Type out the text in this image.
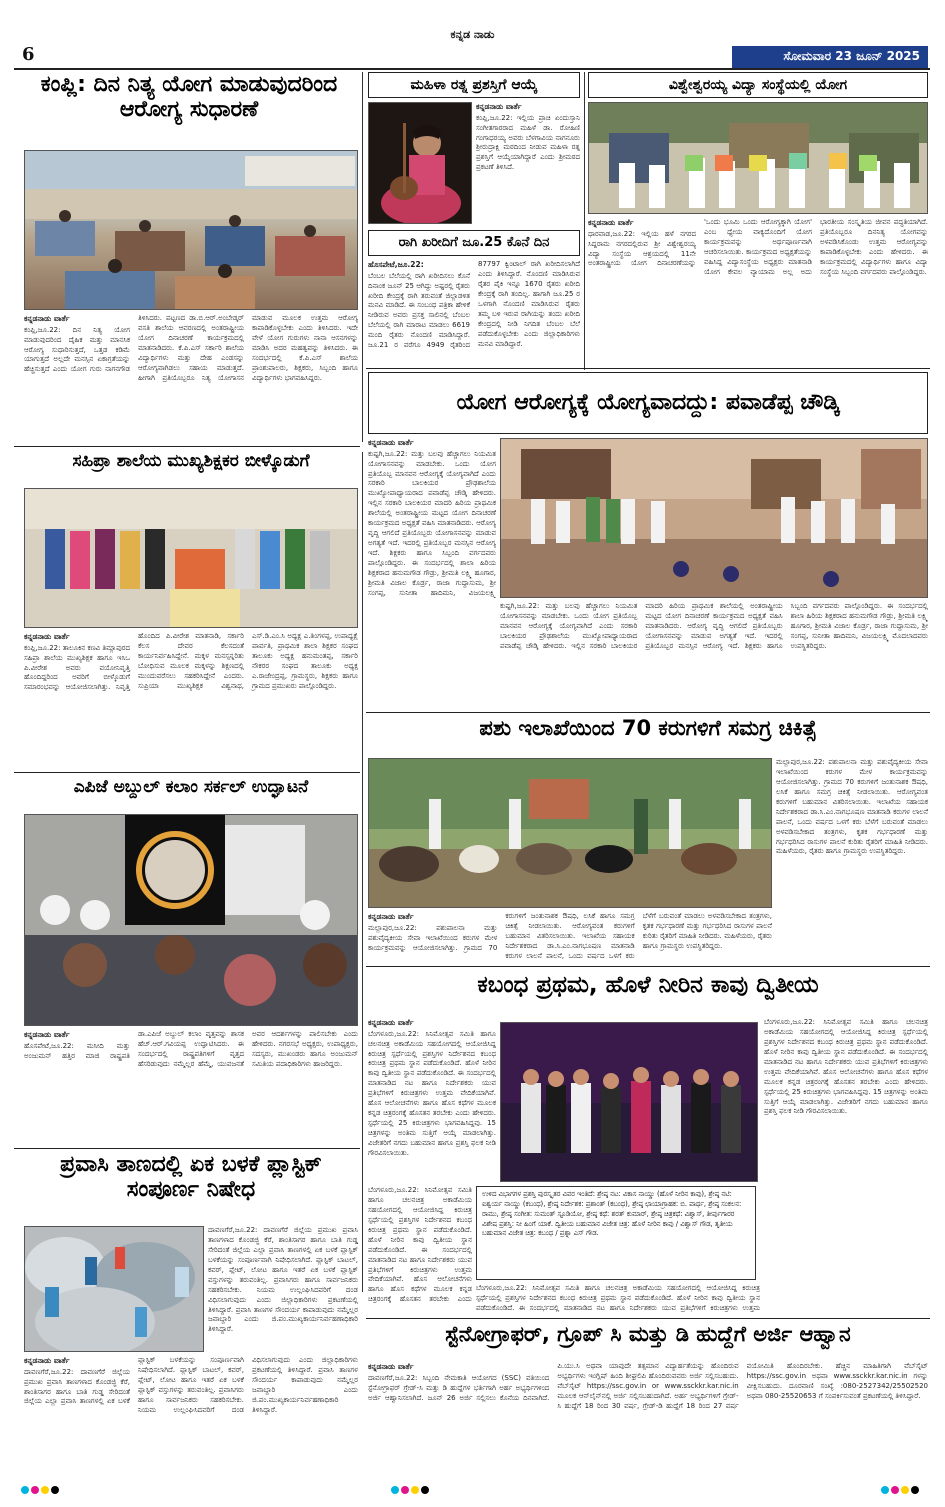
6
ಕನ್ನಡ ನಾಡು
ಸೋಮವಾರ 23 ಜೂನ್ 2025
ಕಂಪ್ಲಿ: ದಿನ ನಿತ್ಯ ಯೋಗ ಮಾಡುವುದರಿಂದ ಆರೋಗ್ಯ ಸುಧಾರಣೆ
ಕನ್ನಡನಾಡು ವಾರ್ತೆ
ಕಂಪ್ಲಿ,ಜೂ.22: ದಿನ ನಿತ್ಯ ಯೋಗ ಮಾಡುವುದರಿಂದ ದೈಹಿಕ ಮತ್ತು ಮಾನಸಿಕ ಆರೋಗ್ಯ ಸುಧಾರಿಸುತ್ತದೆ, ಒತ್ತಡ ಕಡಿಮೆ ಯಾಗುತ್ತದೆ ಅಲ್ಲದೇ ಮನಸ್ಸಿನ ಏಕಾಗ್ರತೆಯನ್ನು ಹೆಚ್ಚಿಸುತ್ತದೆ ಎಂದು ಯೋಗ ಗುರು ನಾಗನಗೌಡ ತಿಳಿಸಿದರು. ಪಟ್ಟಣದ ಡಾ.ಬಿ.ಆರ್.ಅಂಬೇಡ್ಕರ್ ವಸತಿ ಶಾಲೆಯ ಆವರಣದಲ್ಲಿ ಅಂತರಾಷ್ಟ್ರೀಯ ಯೋಗ ದಿನಾಚರಣೆ ಕಾರ್ಯಕ್ರಮದಲ್ಲಿ ಮಾತನಾಡಿದರು. ಕೆ.ಪಿ.ಎಸ್ ಸರ್ಕಾರಿ ಶಾಲೆಯ ವಿದ್ಯಾರ್ಥಿಗಳು ಮತ್ತು ದೇಹ ಎಂಡಸನ್ನು ಆರೋಗ್ಯವಾಗಿಡಲು ಸಹಾಯ ಮಾಡುತ್ತದೆ. ಹೀಗಾಗಿ ಪ್ರತಿಯೊಬ್ಬರೂ ನಿತ್ಯ ಯೋಗಾಸನ ಮಾಡುವ ಮೂಲಕ ಉತ್ತಮ ಆರೋಗ್ಯ ಕಾಪಾಡಿಕೊಳ್ಳಬೇಕು ಎಂದು ತಿಳಿಸಿದರು. ಇದೇ ವೇಳೆ ಯೋಗ ಗುರುಗಳು ನಾನಾ ಆಸನಗಳನ್ನು ಮಾಡಿಸಿ ಅದರ ಮಹತ್ವವನ್ನು ತಿಳಿಸಿದರು. ಈ ಸಂದರ್ಭದಲ್ಲಿ ಕೆ.ಪಿ.ಎಸ್ ಶಾಲೆಯ ಪ್ರಾಂಶುಪಾಲರು, ಶಿಕ್ಷಕರು, ಸಿಬ್ಬಂದಿ ಹಾಗೂ ವಿದ್ಯಾರ್ಥಿಗಳು ಭಾಗವಹಿಸಿದ್ದರು.
ಮಹಿಳಾ ರತ್ನ ಪ್ರಶಸ್ತಿಗೆ ಆಯ್ಕೆ
ಕನ್ನಡನಾಡು ವಾರ್ತೆ
ಕಂಪ್ಲಿ,ಜೂ.22: ಇಲ್ಲಿಯ ಪ್ರಾಚಿ ಏಂದುಸ್ತಾನಿ ಸಂಗೀತಗಾರರಾದ ಮಹಿಳೆ ಡಾ. ರೋಹಿಣಿ ಗಂಗಾಧರಯ್ಯ ಅವರು ಬೆಳಗಾವಿಯ ನಾಗನೂರು ಶ್ರೀರುದ್ರಾಕ್ಷಿ ಮಠದಿಂದ ನೀಡುವ ಮಹಿಳಾ ರತ್ನ ಪ್ರಶಸ್ತಿಗೆ ಆಯ್ಕೆಯಾಗಿದ್ದಾರೆ ಎಂದು ಶ್ರೀಮಠದ ಪ್ರಕಟಣೆ ತಿಳಿಸಿದೆ.
ರಾಗಿ ಖರೀದಿಗೆ ಜೂ.25 ಕೊನೆ ದಿನ
ಹೊಸಪೇಟೆ,ಜೂ.22:
ಬೆಂಬಲ ಬೆಲೆಯಲ್ಲಿ ರಾಗಿ ಖರೀದಿಸಲು ಕೊನೆ ದಿನಾಂಕ ಜೂನ್ 25 ಆಗಿದ್ದು ಅಷ್ಟರಲ್ಲಿ ರೈತರು ಖರೀದಿ ಕೇಂದ್ರಕ್ಕೆ ರಾಗಿ ತರುವಂತೆ ಜಿಲ್ಲಾಡಳಿತ ಮನವಿ ಮಾಡಿದೆ. ಈ ಸಂಬಂಧ ಪತ್ರಿಕಾ ಹೇಳಿಕೆ ನೀಡಿರುವ ಅವರು ಪ್ರಸಕ್ತ ಸಾಲಿನಲ್ಲಿ ಬೆಂಬಲ ಬೆಲೆಯಲ್ಲಿ ರಾಗಿ ಮಾರಾಟ ಮಾಡಲು 6619 ಮಂದಿ ರೈತರು ನೊಂದಣಿ ಮಾಡಿಸಿದ್ದಾರೆ. ಜೂ.21 ರ ವರೆಗೂ 4949 ರೈತರಿಂದ 87797 ಕ್ವಿಂಟಾಲ್ ರಾಗಿ ಖರೀದಿಸಲಾಗಿದೆ ಎಂದು ತಿಳಿಸಿದ್ದಾರೆ. ನೊಂದಣಿ ಮಾಡಿಸಿರುವ ರೈತರ ಪೈಕಿ ಇನ್ನೂ 1670 ರೈತರು ಖರೀದಿ ಕೇಂದ್ರಕ್ಕೆ ರಾಗಿ ತಂದಿಲ್ಲ. ಹಾಗಾಗಿ ಜೂ.25 ರ ಒಳಗಾಗಿ ನೊಂದಣಿ ಮಾಡಿಸಿರುವ ರೈತರು ತಮ್ಮ ಬಳಿ ಇರುವ ರಾಗಿಯನ್ನು ತಂದು ಖರೀದಿ ಕೇಂದ್ರದಲ್ಲಿ ನೀಡಿ ನಿಗದಿತ ಬೆಂಬಲ ಬೆಲೆ ಪಡೆದುಕೊಳ್ಳಬೇಕು ಎಂದು ಜಿಲ್ಲಾಧಿಕಾರಿಗಳು ಮನವಿ ಮಾಡಿದ್ದಾರೆ.
ವಿಶ್ವೇಶ್ವರಯ್ಯ ವಿದ್ಯಾ ಸಂಸ್ಥೆಯಲ್ಲಿ ಯೋಗ
ಕನ್ನಡನಾಡು ವಾರ್ತೆ
ಧಾರವಾಡ,ಜೂ.22: ಇಲ್ಲಿಯ ಹಳೆ ನಗರದ ಸಿದ್ದರಾಮ ನಗರದಲ್ಲಿರುವ ಶ್ರೀ ವಿಶ್ವೇಶ್ವರಯ್ಯ ವಿದ್ಯಾ ಸಂಸ್ಥೆಯ ಆಶ್ರಯದಲ್ಲಿ 11ನೇ ಅಂತರಾಷ್ಟ್ರೀಯ ಯೋಗ ದಿನಾಚರಣೆಯನ್ನು 'ಒಂದು ಭೂಮಿ ಒಂದು ಆರೋಗ್ಯಕ್ಕಾಗಿ ಯೋಗ' ಎಂಬ ಧ್ಯೇಯ ವಾಕ್ಯದೊಂದಿಗೆ ಯೋಗ ಕಾರ್ಯಕ್ರಮವನ್ನು ಅರ್ಥಪೂರ್ಣವಾಗಿ ಆಚರಿಸಲಾಯಿತು. ಕಾರ್ಯಕ್ರಮದ ಅಧ್ಯಕ್ಷತೆಯನ್ನು ವಹಿಸಿದ್ದ ವಿದ್ಯಾಸಂಸ್ಥೆಯ ಅಧ್ಯಕ್ಷರು ಮಾತನಾಡಿ ಯೋಗ ಕೇವಲ ವ್ಯಾಯಾಮ ಅಲ್ಲ ಅದು ಭಾರತೀಯ ಸಂಸ್ಕೃತಿಯ ಜೀವನ ಪದ್ಧತಿಯಾಗಿದೆ. ಪ್ರತಿಯೊಬ್ಬರೂ ದಿನನಿತ್ಯ ಯೋಗವನ್ನು ಅಳವಡಿಸಿಕೊಂಡು ಉತ್ತಮ ಆರೋಗ್ಯವನ್ನು ಕಾಪಾಡಿಕೊಳ್ಳಬೇಕು ಎಂದು ಹೇಳಿದರು. ಈ ಕಾರ್ಯಕ್ರಮದಲ್ಲಿ ವಿದ್ಯಾರ್ಥಿಗಳು ಹಾಗೂ ವಿದ್ಯಾ ಸಂಸ್ಥೆಯ ಸಿಬ್ಬಂದಿ ವರ್ಗದವರು ಪಾಲ್ಗೊಂಡಿದ್ದರು.
ಯೋಗ ಆರೋಗ್ಯಕ್ಕೆ ಯೋಗ್ಯವಾದದ್ದು: ಪವಾಡೆಪ್ಪ ಚೌಡ್ಕಿ
ಕನ್ನಡನಾಡು ವಾರ್ತೆ
ಕುಷ್ಟಗಿ,ಜೂ.22: ಮತ್ತು ಬಲವು ಹೆಚ್ಚಾಗಲು ನಿಯಮಿತ ಯೋಗಾಸನವನ್ನು ಮಾಡಬೇಕು. ಒಂದು ಯೋಗ ಪ್ರತಿಯೊಬ್ಬ ಮಾನವನ ಆರೋಗ್ಯಕ್ಕೆ ಯೋಗ್ಯವಾಗಿದೆ ಎಂದು ಸರಕಾರಿ ಬಾಲಕಿಯರ ಪ್ರೌಢಶಾಲೆಯ ಮುಖ್ಯೋಪಾಧ್ಯಾಯರಾದ ಪವಾಡೆಪ್ಪ ಚೌಡ್ಕಿ ಹೇಳಿದರು. ಇಲ್ಲಿನ ಸರಕಾರಿ ಬಾಲಕಿಯರ ಮಾದರಿ ಹಿರಿಯ ಪ್ರಾಥಮಿಕ ಶಾಲೆಯಲ್ಲಿ ಅಂತರಾಷ್ಟ್ರೀಯ ಮಟ್ಟದ ಯೋಗ ದಿನಾಚರಣೆ ಕಾರ್ಯಕ್ರಮದ ಅಧ್ಯಕ್ಷತೆ ವಹಿಸಿ ಮಾತನಾಡಿದರು. ಆರೋಗ್ಯ ವೃದ್ಧಿ ಆಗಲಿದೆ ಪ್ರತಿಯೊಬ್ಬರು ಯೋಗಾಸನವನ್ನು ಮಾಡುವ ಅಗತ್ಯತೆ ಇದೆ. ಇದರಲ್ಲಿ ಪ್ರತಿಯೊಬ್ಬರ ಮನಸ್ಸಿನ ಆರೋಗ್ಯ ಇದೆ. ಶಿಕ್ಷಕರು ಹಾಗೂ ಸಿಬ್ಬಂದಿ ವರ್ಗದವರು ಪಾಲ್ಗೊಂಡಿದ್ದರು. ಈ ಸಂದರ್ಭದಲ್ಲಿ ಶಾಲಾ ಹಿರಿಯ ಶಿಕ್ಷಕರಾದ ಹನುಮಗೌಡ ಗೌಡ್ರು, ಶ್ರೀಮತಿ ಲಕ್ಷ್ಮಿ ಹೂಗಾರ, ಶ್ರೀಮತಿ ವಿಜಾಲ ಕೊರ್ಡ್ರ, ರಾಜಾ ಗುದ್ದಾಸುಮ, ಶ್ರೀ ಸಂಗಪ್ಪ, ಸುನೀತಾ ಹಾದಿಮನಿ, ವಿಜಯಲಕ್ಷ್ಮಿ
ಕುಷ್ಟಗಿ,ಜೂ.22: ಮತ್ತು ಬಲವು ಹೆಚ್ಚಾಗಲು ನಿಯಮಿತ ಯೋಗಾಸನವನ್ನು ಮಾಡಬೇಕು. ಒಂದು ಯೋಗ ಪ್ರತಿಯೊಬ್ಬ ಮಾನವನ ಆರೋಗ್ಯಕ್ಕೆ ಯೋಗ್ಯವಾಗಿದೆ ಎಂದು ಸರಕಾರಿ ಬಾಲಕಿಯರ ಪ್ರೌಢಶಾಲೆಯ ಮುಖ್ಯೋಪಾಧ್ಯಾಯರಾದ ಪವಾಡೆಪ್ಪ ಚೌಡ್ಕಿ ಹೇಳಿದರು. ಇಲ್ಲಿನ ಸರಕಾರಿ ಬಾಲಕಿಯರ ಮಾದರಿ ಹಿರಿಯ ಪ್ರಾಥಮಿಕ ಶಾಲೆಯಲ್ಲಿ ಅಂತರಾಷ್ಟ್ರೀಯ ಮಟ್ಟದ ಯೋಗ ದಿನಾಚರಣೆ ಕಾರ್ಯಕ್ರಮದ ಅಧ್ಯಕ್ಷತೆ ವಹಿಸಿ ಮಾತನಾಡಿದರು. ಆರೋಗ್ಯ ವೃದ್ಧಿ ಆಗಲಿದೆ ಪ್ರತಿಯೊಬ್ಬರು ಯೋಗಾಸನವನ್ನು ಮಾಡುವ ಅಗತ್ಯತೆ ಇದೆ. ಇದರಲ್ಲಿ ಪ್ರತಿಯೊಬ್ಬರ ಮನಸ್ಸಿನ ಆರೋಗ್ಯ ಇದೆ. ಶಿಕ್ಷಕರು ಹಾಗೂ ಸಿಬ್ಬಂದಿ ವರ್ಗದವರು ಪಾಲ್ಗೊಂಡಿದ್ದರು. ಈ ಸಂದರ್ಭದಲ್ಲಿ ಶಾಲಾ ಹಿರಿಯ ಶಿಕ್ಷಕರಾದ ಹನುಮಗೌಡ ಗೌಡ್ರು, ಶ್ರೀಮತಿ ಲಕ್ಷ್ಮಿ ಹೂಗಾರ, ಶ್ರೀಮತಿ ವಿಜಾಲ ಕೊರ್ಡ್ರ, ರಾಜಾ ಗುದ್ದಾಸುಮ, ಶ್ರೀ ಸಂಗಪ್ಪ, ಸುನೀತಾ ಹಾದಿಮನಿ, ವಿಜಯಲಕ್ಷ್ಮಿ ಮೊದಲಾದವರು ಉಪಸ್ಥಿತರಿದ್ದರು.
ಸಹಿಪ್ರಾ ಶಾಲೆಯ ಮುಖ್ಯಶಿಕ್ಷಕರ ಬೀಳ್ಕೊಡುಗೆ
ಕನ್ನಡನಾಡು ವಾರ್ತೆ
ಕಂಪ್ಲಿ,ಜೂ.22: ತಾಲೂಕಿನ ಕಣವಿ ತಿಮ್ಲಾಪುರದ ಸಹಿಪ್ರಾ ಶಾಲೆಯ ಮುಖ್ಯಶಿಕ್ಷಕ ಹಾಗೂ ಇಸಿಒ ಪಿ.ವೀರೇಶ ಅವರು ವಯೋನಿವೃತ್ತಿ ಹೊಂದಿದ್ದರಿಂದ ಅವರಿಗೆ ಬೀಳ್ಕೊಡುಗೆ ಸಮಾರಂಭವನ್ನು ಆಯೋಜಿಸಲಾಗಿತ್ತು. ನಿವೃತ್ತಿ ಹೊಂದಿದ ಪಿ.ವೀರೇಶ ಮಾತನಾಡಿ, ಸರ್ಕಾರಿ ಕೆಲಸ ದೇವರ ಕೆಲಸದಂತೆ ಕಾರ್ಯನಿರ್ವಹಿಸಿದ್ದೇನೆ. ಮಕ್ಕಳ ಮನಸ್ಸನ್ನರಿತು ಬೋಧಿಸುವ ಮೂಲಕ ಮಕ್ಕಳನ್ನು ಶಿಕ್ಷಣದಲ್ಲಿ ಮುಂದುವರೆಸಲು ಸಹಕರಿಸಿದ್ದೇನೆ ಎಂದರು. ಸುಪ್ರಿಯಾ ಮುಖ್ಯಶಿಕ್ಷಕ ವಿಶ್ವನಾಥ, ಎಸ್.ಡಿ.ಎಂ.ಸಿ ಅಧ್ಯಕ್ಷ ಎ.ತಿಂಗಳಪ್ಪ, ಉಪಾಧ್ಯಕ್ಷೆ ಪಾರ್ವತಿ, ಪ್ರಾಥಮಿಕ ಶಾಲಾ ಶಿಕ್ಷಕರ ಸಂಘದ ತಾಲೂಕು ಅಧ್ಯಕ್ಷ ಹನುಮಂತಪ್ಪ, ಸರ್ಕಾರಿ ನೌಕರರ ಸಂಘದ ತಾಲೂಕು ಅಧ್ಯಕ್ಷ ಎ.ರಾಜೇಂದ್ರಪ್ಪ, ಗ್ರಾಮಸ್ಥರು, ಶಿಕ್ಷಕರು ಹಾಗೂ ಗ್ರಾಮದ ಪ್ರಮುಖರು ಪಾಲ್ಗೊಂಡಿದ್ದರು.
ಎಪಿಜೆ ಅಬ್ದುಲ್ ಕಲಾಂ ಸರ್ಕಲ್ ಉದ್ಘಾಟನೆ
ಕನ್ನಡನಾಡು ವಾರ್ತೆ
ಹೊಸಪೇಟೆ,ಜೂ.22: ಮಸೀದಿ ಮತ್ತು ಅಂಜುಮನ್ ಹತ್ತಿರ ಮಾಜಿ ರಾಷ್ಟ್ರಪತಿ ಡಾ.ಎಪಿಜೆ ಅಬ್ದುಲ್ ಕಲಾಂ ವೃತ್ತವನ್ನು ಶಾಸಕ ಹೆಚ್.ಆರ್.ಗವಿಯಪ್ಪ ಉದ್ಘಾಟಿಸಿದರು. ಈ ಸಂದರ್ಭದಲ್ಲಿ ರಾಷ್ಟ್ರಪತಿಗಳಿಗೆ ವೃತ್ತದ ಹೆಸರಿಡುವುದು ನಮ್ಮೆಲ್ಲರ ಹೆಮ್ಮೆ, ಯುವಜನತೆ ಅವರ ಆದರ್ಶಗಳನ್ನು ಪಾಲಿಸಬೇಕು ಎಂದು ಹೇಳಿದರು. ನಗರಸಭೆ ಅಧ್ಯಕ್ಷರು, ಉಪಾಧ್ಯಕ್ಷರು, ಸದಸ್ಯರು, ಮುಖಂಡರು ಹಾಗೂ ಅಂಜುಮನ್ ಸಮಿತಿಯ ಪದಾಧಿಕಾರಿಗಳು ಹಾಜರಿದ್ದರು.
ಪಶು ಇಲಾಖೆಯಿಂದ 70 ಕರುಗಳಿಗೆ ಸಮಗ್ರ ಚಿಕಿತ್ಸೆ
ಮಲ್ಲಾಪುರ,ಜೂ.22: ಪಶುಪಾಲನಾ ಮತ್ತು ಪಶುವೈದ್ಯಕೀಯ ಸೇವಾ ಇಲಾಖೆಯಿಂದ ಕರುಗಳ ಮೇಳ ಕಾರ್ಯಕ್ರಮವನ್ನು ಆಯೋಜಿಸಲಾಗಿತ್ತು. ಗ್ರಾಮದ 70 ಕರುಗಳಿಗೆ ಜಂತುನಾಶಕ ಔಷಧಿ, ಲಸಿಕೆ ಹಾಗೂ ಸಮಗ್ರ ಚಿಕಿತ್ಸೆ ನೀಡಲಾಯಿತು. ಆರೋಗ್ಯವಂತ ಕರುಗಳಿಗೆ ಬಹುಮಾನ ವಿತರಿಸಲಾಯಿತು. ಇಲಾಖೆಯ ಸಹಾಯಕ ನಿರ್ದೇಶಕರಾದ ಡಾ.ಸಿ.ಎಂ.ನಾಗಭೂಷಣ ಮಾತನಾಡಿ ಕರುಗಳ ಲಾಲನೆ ಪಾಲನೆ, ಒಂದು ವರ್ಷದ ಒಳಗೆ ಕರು ಬೆಳೆಗೆ ಬರುವಂತೆ ಮಾಡಲು ಅಳವಡಿಸಬೇಕಾದ ತಂತ್ರಗಳು, ಕೃತಕ ಗರ್ಭಧಾರಣೆ ಮತ್ತು ಗರ್ಭಧರಿಸಿದ ರಾಸುಗಳ ಪಾಲನೆ ಕುರಿತು ರೈತರಿಗೆ ಮಾಹಿತಿ ನೀಡಿದರು. ಮಹಿಳೆಯರು, ರೈತರು ಹಾಗೂ ಗ್ರಾಮಸ್ಥರು ಉಪಸ್ಥಿತರಿದ್ದರು.
ಕನ್ನಡನಾಡು ವಾರ್ತೆ
ಮಲ್ಲಾಪುರ,ಜೂ.22: ಪಶುಪಾಲನಾ ಮತ್ತು ಪಶುವೈದ್ಯಕೀಯ ಸೇವಾ ಇಲಾಖೆಯಿಂದ ಕರುಗಳ ಮೇಳ ಕಾರ್ಯಕ್ರಮವನ್ನು ಆಯೋಜಿಸಲಾಗಿತ್ತು. ಗ್ರಾಮದ 70 ಕರುಗಳಿಗೆ ಜಂತುನಾಶಕ ಔಷಧಿ, ಲಸಿಕೆ ಹಾಗೂ ಸಮಗ್ರ ಚಿಕಿತ್ಸೆ ನೀಡಲಾಯಿತು. ಆರೋಗ್ಯವಂತ ಕರುಗಳಿಗೆ ಬಹುಮಾನ ವಿತರಿಸಲಾಯಿತು. ಇಲಾಖೆಯ ಸಹಾಯಕ ನಿರ್ದೇಶಕರಾದ ಡಾ.ಸಿ.ಎಂ.ನಾಗಭೂಷಣ ಮಾತನಾಡಿ ಕರುಗಳ ಲಾಲನೆ ಪಾಲನೆ, ಒಂದು ವರ್ಷದ ಒಳಗೆ ಕರು ಬೆಳೆಗೆ ಬರುವಂತೆ ಮಾಡಲು ಅಳವಡಿಸಬೇಕಾದ ತಂತ್ರಗಳು, ಕೃತಕ ಗರ್ಭಧಾರಣೆ ಮತ್ತು ಗರ್ಭಧರಿಸಿದ ರಾಸುಗಳ ಪಾಲನೆ ಕುರಿತು ರೈತರಿಗೆ ಮಾಹಿತಿ ನೀಡಿದರು. ಮಹಿಳೆಯರು, ರೈತರು ಹಾಗೂ ಗ್ರಾಮಸ್ಥರು ಉಪಸ್ಥಿತರಿದ್ದರು.
ಕಬಂಧ ಪ್ರಥಮ, ಹೊಳೆ ನೀರಿನ ಕಾವು ದ್ವಿತೀಯ
ಕನ್ನಡನಾಡು ವಾರ್ತೆ
ಬೆಂಗಳೂರು,ಜೂ.22: ಸಿನಿಮೋತ್ಸವ ಸಮಿತಿ ಹಾಗೂ ಚಲನಚಿತ್ರ ಅಕಾಡೆಮಿಯ ಸಹಯೋಗದಲ್ಲಿ ಆಯೋಜಿಸಿದ್ದ ಕಿರುಚಿತ್ರ ಸ್ಪರ್ಧೆಯಲ್ಲಿ ಪ್ರಶಸ್ತಿಗಳ ನಿರ್ದೇಶನದ ಕಬಂಧ ಕಿರುಚಿತ್ರ ಪ್ರಥಮ ಸ್ಥಾನ ಪಡೆದುಕೊಂಡಿದೆ. ಹೊಳೆ ನೀರಿನ ಕಾವು ದ್ವಿತೀಯ ಸ್ಥಾನ ಪಡೆದುಕೊಂಡಿದೆ. ಈ ಸಂದರ್ಭದಲ್ಲಿ ಮಾತನಾಡಿದ ನಟ ಹಾಗೂ ನಿರ್ದೇಶಕರು ಯುವ ಪ್ರತಿಭೆಗಳಿಗೆ ಕಿರುಚಿತ್ರಗಳು ಉತ್ತಮ ವೇದಿಕೆಯಾಗಿವೆ. ಹೊಸ ಆಲೋಚನೆಗಳು ಹಾಗೂ ಹೊಸ ಕಥೆಗಳ ಮೂಲಕ ಕನ್ನಡ ಚಿತ್ರರಂಗಕ್ಕೆ ಹೊಸತನ ತರಬೇಕು ಎಂದು ಹೇಳಿದರು. ಸ್ಪರ್ಧೆಯಲ್ಲಿ 25 ಕಿರುಚಿತ್ರಗಳು ಭಾಗವಹಿಸಿದ್ದವು. 15 ಚಿತ್ರಗಳನ್ನು ಅಂತಿಮ ಸುತ್ತಿಗೆ ಆಯ್ಕೆ ಮಾಡಲಾಗಿತ್ತು. ವಿಜೇತರಿಗೆ ನಗದು ಬಹುಮಾನ ಹಾಗೂ ಪ್ರಶಸ್ತಿ ಫಲಕ ನೀಡಿ ಗೌರವಿಸಲಾಯಿತು.
ಬೆಂಗಳೂರು,ಜೂ.22: ಸಿನಿಮೋತ್ಸವ ಸಮಿತಿ ಹಾಗೂ ಚಲನಚಿತ್ರ ಅಕಾಡೆಮಿಯ ಸಹಯೋಗದಲ್ಲಿ ಆಯೋಜಿಸಿದ್ದ ಕಿರುಚಿತ್ರ ಸ್ಪರ್ಧೆಯಲ್ಲಿ ಪ್ರಶಸ್ತಿಗಳ ನಿರ್ದೇಶನದ ಕಬಂಧ ಕಿರುಚಿತ್ರ ಪ್ರಥಮ ಸ್ಥಾನ ಪಡೆದುಕೊಂಡಿದೆ. ಹೊಳೆ ನೀರಿನ ಕಾವು ದ್ವಿತೀಯ ಸ್ಥಾನ ಪಡೆದುಕೊಂಡಿದೆ. ಈ ಸಂದರ್ಭದಲ್ಲಿ ಮಾತನಾಡಿದ ನಟ ಹಾಗೂ ನಿರ್ದೇಶಕರು ಯುವ ಪ್ರತಿಭೆಗಳಿಗೆ ಕಿರುಚಿತ್ರಗಳು ಉತ್ತಮ ವೇದಿಕೆಯಾಗಿವೆ. ಹೊಸ ಆಲೋಚನೆಗಳು ಹಾಗೂ ಹೊಸ ಕಥೆಗಳ ಮೂಲಕ ಕನ್ನಡ ಚಿತ್ರರಂಗಕ್ಕೆ ಹೊಸತನ ತರಬೇಕು ಎಂದು ಹೇಳಿದರು. ಸ್ಪರ್ಧೆಯಲ್ಲಿ 25 ಕಿರುಚಿತ್ರಗಳು ಭಾಗವಹಿಸಿದ್ದವು. 15 ಚಿತ್ರಗಳನ್ನು ಅಂತಿಮ ಸುತ್ತಿಗೆ ಆಯ್ಕೆ ಮಾಡಲಾಗಿತ್ತು. ವಿಜೇತರಿಗೆ ನಗದು ಬಹುಮಾನ ಹಾಗೂ ಪ್ರಶಸ್ತಿ ಫಲಕ ನೀಡಿ ಗೌರವಿಸಲಾಯಿತು.
ಉಳಿದ ವಿಭಾಗಗಳ ಪ್ರಶಸ್ತಿ ಪುರಸ್ಕೃತರ ವಿವರ ಇಂತಿದೆ: ಶ್ರೇಷ್ಠ ನಟ: ವಿಕಾಸ ನಾಯ್ಡು (ಹೊಳೆ ನೀರಿನ ಕಾವು), ಶ್ರೇಷ್ಠ ನಟಿ: ಐಶ್ವರ್ಯ ನಾಯ್ಡು (ಕಬಂಧ), ಶ್ರೇಷ್ಠ ನಿರ್ದೇಶಕ: ಪ್ರಶಾಂತ್ (ಕಬಂಧ), ಶ್ರೇಷ್ಠ ಛಾಯಾಗ್ರಾಹಕ: ಬಿ. ಪಾರ್ಥ, ಶ್ರೇಷ್ಠ ಸಂಕಲನ: ರಾಮು, ಶ್ರೇಷ್ಠ ಸಂಗೀತ: ಸುಮಂತ್ ಸ್ಟೂಡಿಯೋ, ಶ್ರೇಷ್ಠ ಕಥೆ: ಶರತ್ ಕುಮಾರ್, ಶ್ರೇಷ್ಠ ಚಿತ್ರಕಥೆ: ವಿಶ್ವಾಸ್, ತೀರ್ಪುಗಾರರ ವಿಶೇಷ ಪ್ರಶಸ್ತಿ: ನೀ ಹಿಂಗೆ ಯಾಕೆ. ದ್ವಿತೀಯ ಬಹುಮಾನ ವಿಜೇತ ಚಿತ್ರ: ಹೊಳೆ ನೀರಿನ ಕಾವು / ವಿಶ್ವಾಸ್ ಗೌಡ, ತೃತೀಯ ಬಹುಮಾನ ವಿಜೇತ ಚಿತ್ರ: ಕಬಂಧ / ಪ್ರಶ್ನಾ ಎಸ್ ಗೌಡ.
ಬೆಂಗಳೂರು,ಜೂ.22: ಸಿನಿಮೋತ್ಸವ ಸಮಿತಿ ಹಾಗೂ ಚಲನಚಿತ್ರ ಅಕಾಡೆಮಿಯ ಸಹಯೋಗದಲ್ಲಿ ಆಯೋಜಿಸಿದ್ದ ಕಿರುಚಿತ್ರ ಸ್ಪರ್ಧೆಯಲ್ಲಿ ಪ್ರಶಸ್ತಿಗಳ ನಿರ್ದೇಶನದ ಕಬಂಧ ಕಿರುಚಿತ್ರ ಪ್ರಥಮ ಸ್ಥಾನ ಪಡೆದುಕೊಂಡಿದೆ. ಹೊಳೆ ನೀರಿನ ಕಾವು ದ್ವಿತೀಯ ಸ್ಥಾನ ಪಡೆದುಕೊಂಡಿದೆ. ಈ ಸಂದರ್ಭದಲ್ಲಿ ಮಾತನಾಡಿದ ನಟ ಹಾಗೂ ನಿರ್ದೇಶಕರು ಯುವ ಪ್ರತಿಭೆಗಳಿಗೆ ಕಿರುಚಿತ್ರಗಳು ಉತ್ತಮ ವೇದಿಕೆಯಾಗಿವೆ. ಹೊಸ ಆಲೋಚನೆಗಳು ಹಾಗೂ ಹೊಸ ಕಥೆಗಳ ಮೂಲಕ ಕನ್ನಡ ಚಿತ್ರರಂಗಕ್ಕೆ ಹೊಸತನ ತರಬೇಕು ಎಂದು
ಬೆಂಗಳೂರು,ಜೂ.22: ಸಿನಿಮೋತ್ಸವ ಸಮಿತಿ ಹಾಗೂ ಚಲನಚಿತ್ರ ಅಕಾಡೆಮಿಯ ಸಹಯೋಗದಲ್ಲಿ ಆಯೋಜಿಸಿದ್ದ ಕಿರುಚಿತ್ರ ಸ್ಪರ್ಧೆಯಲ್ಲಿ ಪ್ರಶಸ್ತಿಗಳ ನಿರ್ದೇಶನದ ಕಬಂಧ ಕಿರುಚಿತ್ರ ಪ್ರಥಮ ಸ್ಥಾನ ಪಡೆದುಕೊಂಡಿದೆ. ಹೊಳೆ ನೀರಿನ ಕಾವು ದ್ವಿತೀಯ ಸ್ಥಾನ ಪಡೆದುಕೊಂಡಿದೆ. ಈ ಸಂದರ್ಭದಲ್ಲಿ ಮಾತನಾಡಿದ ನಟ ಹಾಗೂ ನಿರ್ದೇಶಕರು ಯುವ ಪ್ರತಿಭೆಗಳಿಗೆ ಕಿರುಚಿತ್ರಗಳು ಉತ್ತಮ
ಪ್ರವಾಸಿ ತಾಣದಲ್ಲಿ ಏಕ ಬಳಕೆ ಪ್ಲಾಸ್ಟಿಕ್ ಸಂಪೂರ್ಣ ನಿಷೇಧ
ದಾವಣಗೆರೆ,ಜೂ.22: ದಾವಣಗೆರೆ ಜಿಲ್ಲೆಯ ಪ್ರಮುಖ ಪ್ರವಾಸಿ ತಾಣಗಳಾದ ಕೊಂಡಜ್ಜಿ ಕೆರೆ, ಶಾಂತಿಸಾಗರ ಹಾಗೂ ಬಾತಿ ಗುಡ್ಡ ಸೇರಿದಂತೆ ಜಿಲ್ಲೆಯ ಎಲ್ಲಾ ಪ್ರವಾಸಿ ತಾಣಗಳಲ್ಲಿ ಏಕ ಬಳಕೆ ಪ್ಲಾಸ್ಟಿಕ್ ಬಳಕೆಯನ್ನು ಸಂಪೂರ್ಣವಾಗಿ ನಿಷೇಧಿಸಲಾಗಿದೆ. ಪ್ಲಾಸ್ಟಿಕ್ ಬಾಟಲ್, ಕವರ್, ಪ್ಲೇಟ್, ಲೋಟ ಹಾಗೂ ಇತರೆ ಏಕ ಬಳಕೆ ಪ್ಲಾಸ್ಟಿಕ್ ವಸ್ತುಗಳನ್ನು ತರುವಂತಿಲ್ಲ. ಪ್ರವಾಸಿಗರು ಹಾಗೂ ಸಾರ್ವಜನಿಕರು ಸಹಕರಿಸಬೇಕು. ನಿಯಮ ಉಲ್ಲಂಘಿಸಿದವರಿಗೆ ದಂಡ ವಿಧಿಸಲಾಗುವುದು ಎಂದು ಜಿಲ್ಲಾಧಿಕಾರಿಗಳು ಪ್ರಕಟಣೆಯಲ್ಲಿ ತಿಳಿಸಿದ್ದಾರೆ. ಪ್ರವಾಸಿ ತಾಣಗಳ ಸೌಂದರ್ಯ ಕಾಪಾಡುವುದು ನಮ್ಮೆಲ್ಲರ ಜವಾಬ್ದಾರಿ ಎಂದು ಜಿ.ಪಂ.ಮುಖ್ಯಕಾರ್ಯನಿರ್ವಹಣಾಧಿಕಾರಿ ತಿಳಿಸಿದ್ದಾರೆ.
ಕನ್ನಡನಾಡು ವಾರ್ತೆ
ದಾವಣಗೆರೆ,ಜೂ.22: ದಾವಣಗೆರೆ ಜಿಲ್ಲೆಯ ಪ್ರಮುಖ ಪ್ರವಾಸಿ ತಾಣಗಳಾದ ಕೊಂಡಜ್ಜಿ ಕೆರೆ, ಶಾಂತಿಸಾಗರ ಹಾಗೂ ಬಾತಿ ಗುಡ್ಡ ಸೇರಿದಂತೆ ಜಿಲ್ಲೆಯ ಎಲ್ಲಾ ಪ್ರವಾಸಿ ತಾಣಗಳಲ್ಲಿ ಏಕ ಬಳಕೆ ಪ್ಲಾಸ್ಟಿಕ್ ಬಳಕೆಯನ್ನು ಸಂಪೂರ್ಣವಾಗಿ ನಿಷೇಧಿಸಲಾಗಿದೆ. ಪ್ಲಾಸ್ಟಿಕ್ ಬಾಟಲ್, ಕವರ್, ಪ್ಲೇಟ್, ಲೋಟ ಹಾಗೂ ಇತರೆ ಏಕ ಬಳಕೆ ಪ್ಲಾಸ್ಟಿಕ್ ವಸ್ತುಗಳನ್ನು ತರುವಂತಿಲ್ಲ. ಪ್ರವಾಸಿಗರು ಹಾಗೂ ಸಾರ್ವಜನಿಕರು ಸಹಕರಿಸಬೇಕು. ನಿಯಮ ಉಲ್ಲಂಘಿಸಿದವರಿಗೆ ದಂಡ ವಿಧಿಸಲಾಗುವುದು ಎಂದು ಜಿಲ್ಲಾಧಿಕಾರಿಗಳು ಪ್ರಕಟಣೆಯಲ್ಲಿ ತಿಳಿಸಿದ್ದಾರೆ. ಪ್ರವಾಸಿ ತಾಣಗಳ ಸೌಂದರ್ಯ ಕಾಪಾಡುವುದು ನಮ್ಮೆಲ್ಲರ ಜವಾಬ್ದಾರಿ ಎಂದು ಜಿ.ಪಂ.ಮುಖ್ಯಕಾರ್ಯನಿರ್ವಹಣಾಧಿಕಾರಿ ತಿಳಿಸಿದ್ದಾರೆ.
ಸ್ಟೆನೋಗ್ರಾಫರ್, ಗ್ರೂಪ್ ಸಿ ಮತ್ತು ಡಿ ಹುದ್ದೆಗೆ ಅರ್ಜಿ ಆಹ್ವಾನ
ಕನ್ನಡನಾಡು ವಾರ್ತೆ
ದಾವಣಗೆರೆ,ಜೂ.22: ಸಿಬ್ಬಂದಿ ನೇಮಕಾತಿ ಆಯೋಗದ (SSC) ವತಿಯಿಂದ ಸ್ಟೆನೋಗ್ರಾಫರ್ ಗ್ರೇಡ್-ಸಿ ಮತ್ತು ಡಿ ಹುದ್ದೆಗಳ ಭರ್ತಿಗಾಗಿ ಅರ್ಹ ಅಭ್ಯರ್ಥಿಗಳಿಂದ ಅರ್ಜಿ ಆಹ್ವಾನಿಸಲಾಗಿದೆ. ಜೂನ್ 26 ಅರ್ಜಿ ಸಲ್ಲಿಸಲು ಕೊನೆಯ ದಿನವಾಗಿದೆ. ಪಿ.ಯು.ಸಿ ಅಥವಾ ಯಾವುದೇ ತತ್ಸಮಾನ ವಿದ್ಯಾರ್ಹತೆಯನ್ನು ಹೊಂದಿರುವ ಅಭ್ಯರ್ಥಿಗಳು ಇಂಗ್ಲಿಷ್ ಹಿಂದಿ ಶೀಘ್ರಲಿಪಿ ಹೊಂದಿರುವವರು ಅರ್ಜಿ ಸಲ್ಲಿಸಬಹುದು. ವೆಬ್‌ಸೈಟ್ https://ssc.gov.in or www.ssckkr.kar.nic.in ಮೂಲಕ ಆನ್‌ಲೈನ್‌ನಲ್ಲಿ ಅರ್ಜಿ ಸಲ್ಲಿಸಬಹುದಾಗಿದೆ. ಅರ್ಹ ಅಭ್ಯರ್ಥಿಗಳಿಗೆ ಗ್ರೇಡ್-ಸಿ ಹುದ್ದೆಗೆ 18 ರಿಂದ 30 ವರ್ಷ, ಗ್ರೇಡ್-ಡಿ ಹುದ್ದೆಗೆ 18 ರಿಂದ 27 ವರ್ಷ ವಯೋಮಿತಿ ಹೊಂದಿರಬೇಕು. ಹೆಚ್ಚಿನ ಮಾಹಿತಿಗಾಗಿ ವೆಬ್‌ಸೈಟ್ https://ssc.gov.in ಅಥವಾ www.ssckkr.kar.nic.in ಗಳನ್ನು ವೀಕ್ಷಿಸಬಹುದು. ದೂರವಾಣಿ ಸಂಖ್ಯೆ :080-2527342/25502520 ಅಥವಾ 080-25520653 ಗೆ ಸಂಪರ್ಕಿಸುವಂತೆ ಪ್ರಕಟಣೆಯಲ್ಲಿ ತಿಳಿಸಿದ್ದಾರೆ.
